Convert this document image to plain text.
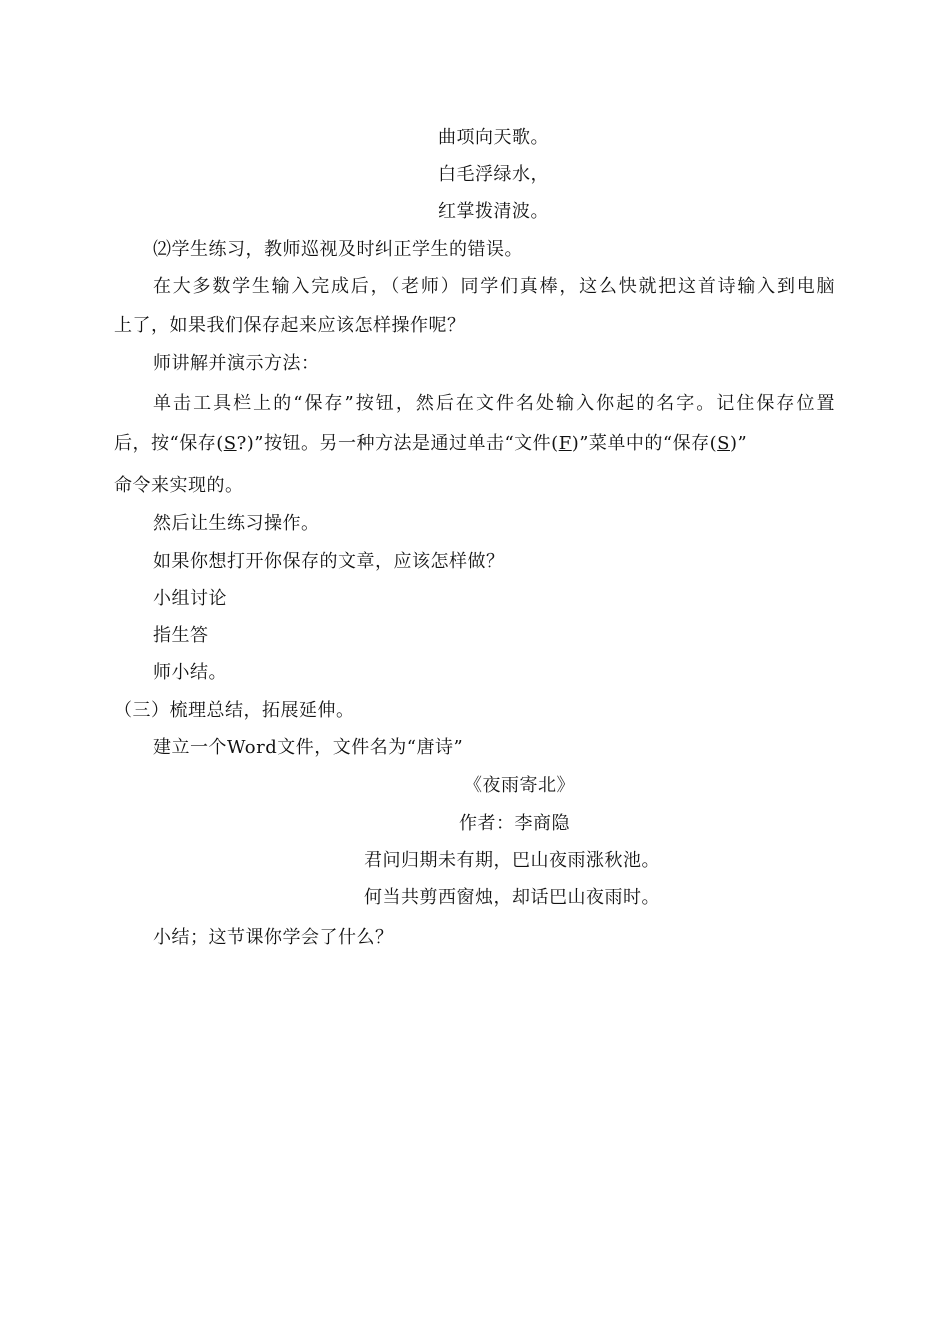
曲项向天歌。
白毛浮绿水，
红掌拨清波。
⑵学生练习，教师巡视及时纠正学生的错误。
在大多数学生输入完成后，（老师）同学们真棒，这么快就把这首诗输入到电脑
上了，如果我们保存起来应该怎样操作呢？
师讲解并演示方法：
单击工具栏上的“保存”按钮，然后在文件名处输入你起的名字。记住保存位置
后，按“保存(S?)”按钮。另一种方法是通过单击“文件(F)”菜单中的“保存(S)”
命令来实现的。
然后让生练习操作。
如果你想打开你保存的文章，应该怎样做？
小组讨论
指生答
师小结。
（三）梳理总结，拓展延伸。
建立一个Word文件，文件名为“唐诗”
《夜雨寄北》
作者：李商隐
君问归期未有期，巴山夜雨涨秋池。
何当共剪西窗烛，却话巴山夜雨时。
小结；这节课你学会了什么？
